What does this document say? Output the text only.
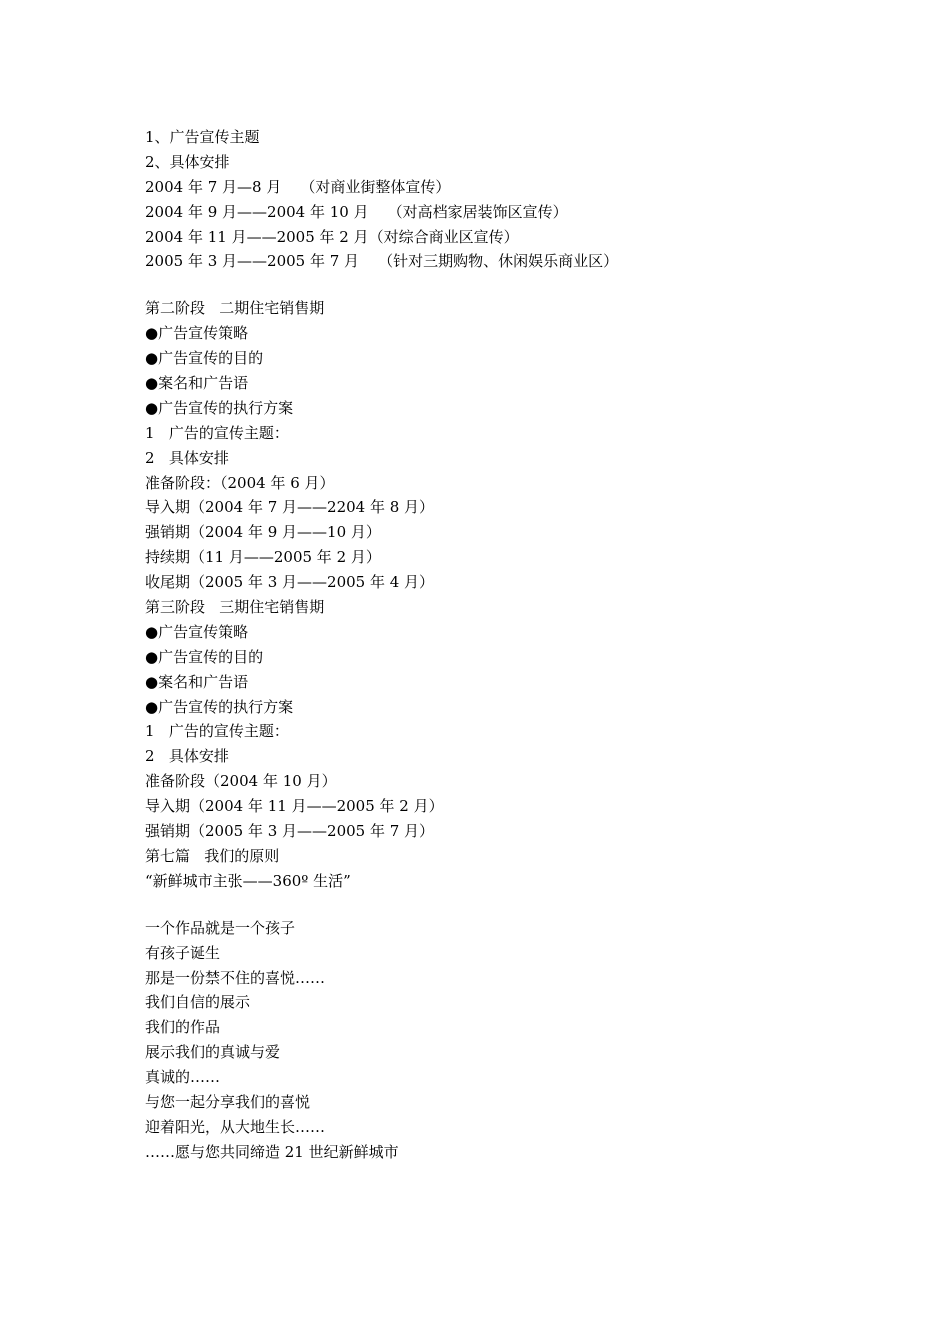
1、广告宣传主题
2、具体安排
2004 年 7 月—8 月    （对商业街整体宣传）
2004 年 9 月——2004 年 10 月    （对高档家居装饰区宣传）
2004 年 11 月——2005 年 2 月（对综合商业区宣传）
2005 年 3 月——2005 年 7 月    （针对三期购物、休闲娱乐商业区）
第二阶段   二期住宅销售期
●广告宣传策略
●广告宣传的目的
●案名和广告语
●广告宣传的执行方案
1   广告的宣传主题：
2   具体安排
准备阶段：（2004 年 6 月）
导入期（2004 年 7 月——2204 年 8 月）
强销期（2004 年 9 月——10 月）
持续期（11 月——2005 年 2 月）
收尾期（2005 年 3 月——2005 年 4 月）
第三阶段   三期住宅销售期
●广告宣传策略
●广告宣传的目的
●案名和广告语
●广告宣传的执行方案
1   广告的宣传主题：
2   具体安排
准备阶段（2004 年 10 月）
导入期（2004 年 11 月——2005 年 2 月）
强销期（2005 年 3 月——2005 年 7 月）
第七篇   我们的原则
“新鲜城市主张——360º 生活”
一个作品就是一个孩子
有孩子诞生
那是一份禁不住的喜悦……
我们自信的展示
我们的作品
展示我们的真诚与爱
真诚的……
与您一起分享我们的喜悦
迎着阳光，从大地生长……
……愿与您共同缔造 21 世纪新鲜城市
